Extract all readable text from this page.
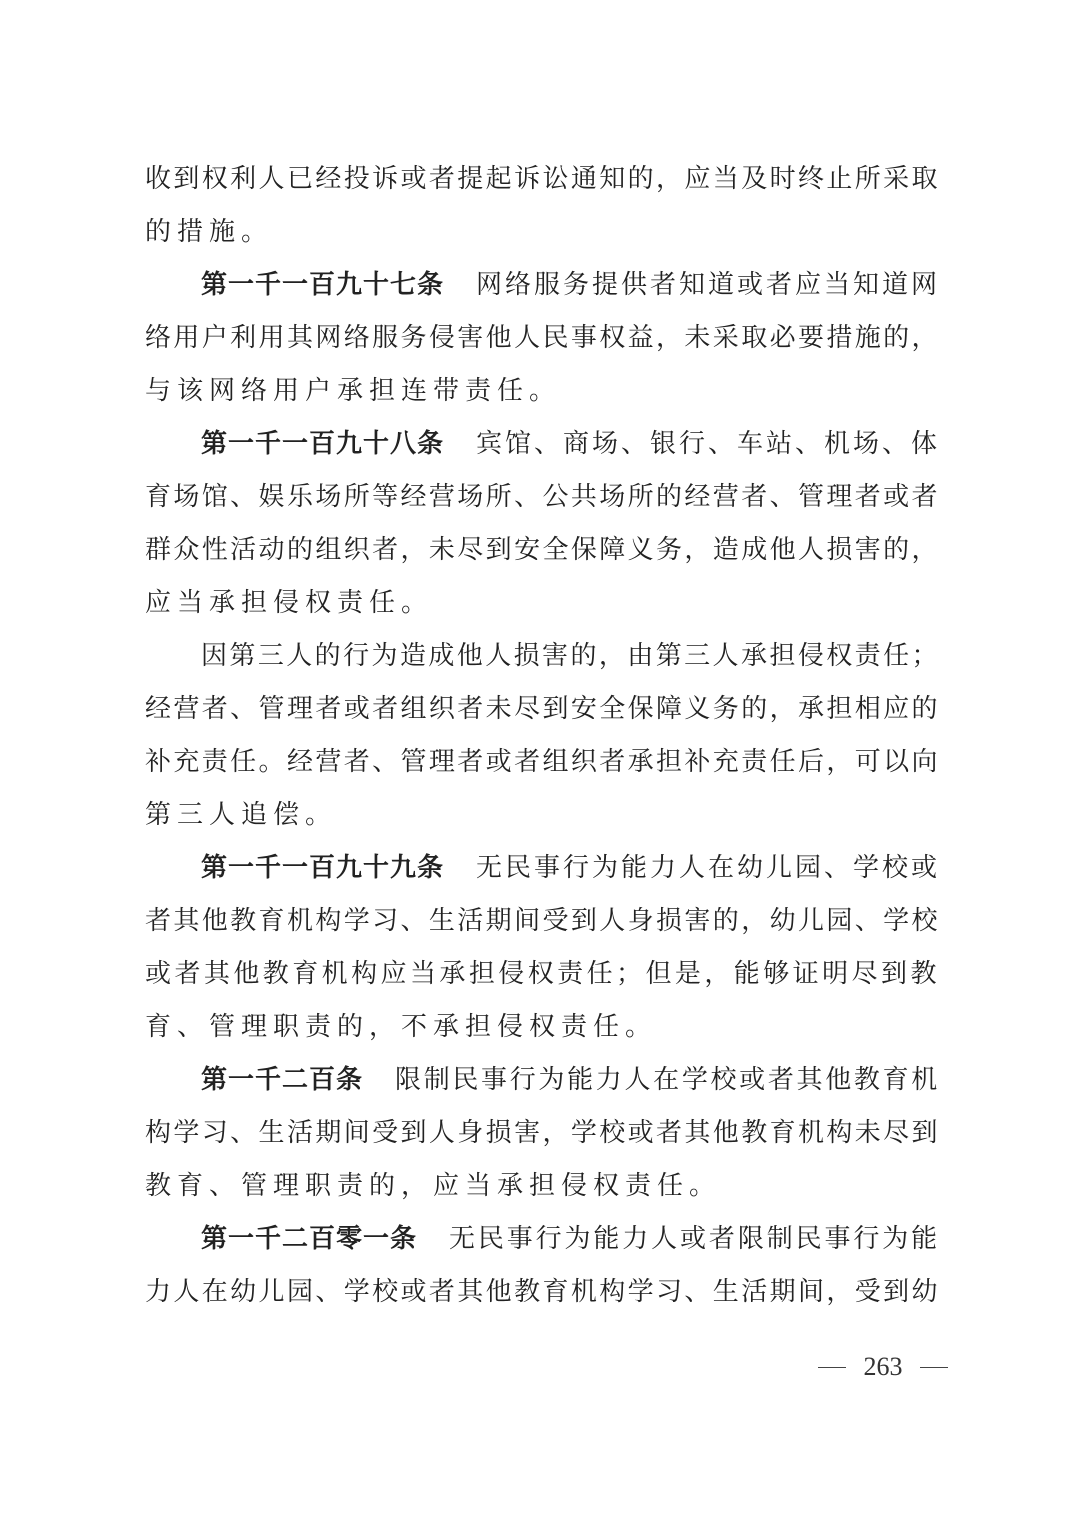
收到权利人已经投诉或者提起诉讼通知的，应当及时终止所采取
的措施。
第一千一百九十七条 网络服务提供者知道或者应当知道网
络用户利用其网络服务侵害他人民事权益，未采取必要措施的，
与该网络用户承担连带责任。
第一千一百九十八条 宾馆、商场、银行、车站、机场、体
育场馆、娱乐场所等经营场所、公共场所的经营者、管理者或者
群众性活动的组织者，未尽到安全保障义务，造成他人损害的，
应当承担侵权责任。
因第三人的行为造成他人损害的，由第三人承担侵权责任；
经营者、管理者或者组织者未尽到安全保障义务的，承担相应的
补充责任。经营者、管理者或者组织者承担补充责任后，可以向
第三人追偿。
第一千一百九十九条 无民事行为能力人在幼儿园、学校或
者其他教育机构学习、生活期间受到人身损害的，幼儿园、学校
或者其他教育机构应当承担侵权责任；但是，能够证明尽到教
育、管理职责的，不承担侵权责任。
第一千二百条 限制民事行为能力人在学校或者其他教育机
构学习、生活期间受到人身损害，学校或者其他教育机构未尽到
教育、管理职责的，应当承担侵权责任。
第一千二百零一条 无民事行为能力人或者限制民事行为能
力人在幼儿园、学校或者其他教育机构学习、生活期间，受到幼
263
